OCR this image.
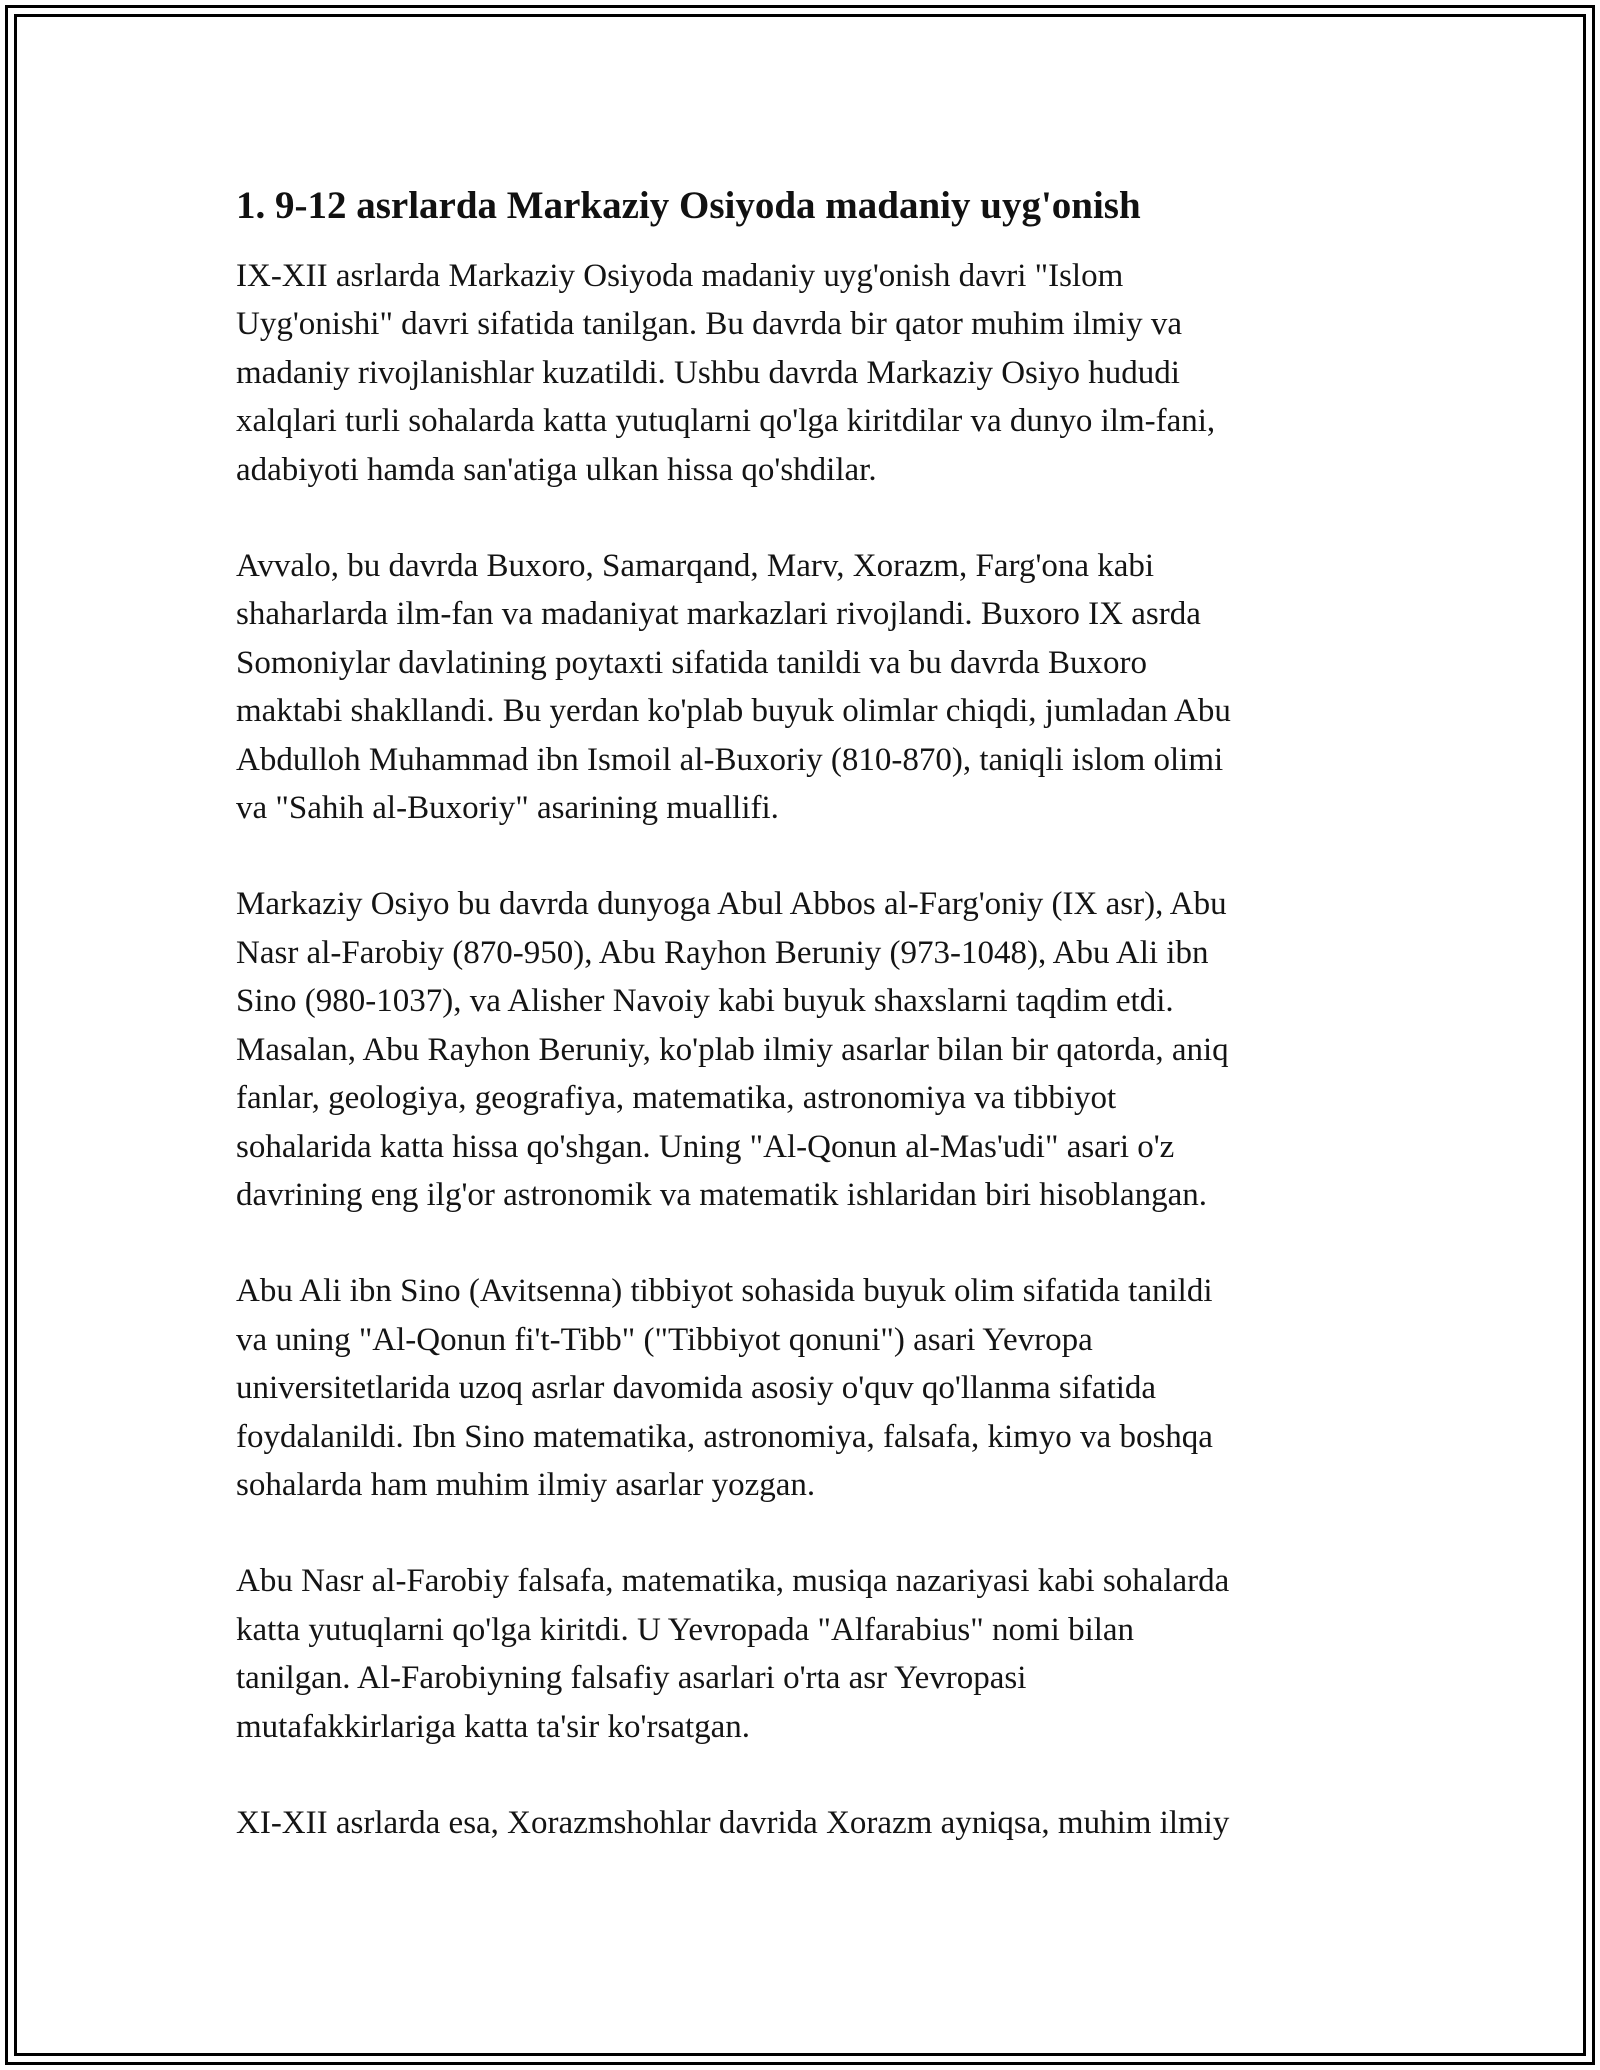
1. 9-12 asrlarda Markaziy Osiyoda madaniy uyg'onish

IX-XII asrlarda Markaziy Osiyoda madaniy uyg'onish davri "Islom
Uyg'onishi" davri sifatida tanilgan. Bu davrda bir qator muhim ilmiy va
madaniy rivojlanishlar kuzatildi. Ushbu davrda Markaziy Osiyo hududi
xalqlari turli sohalarda katta yutuqlarni qo'lga kiritdilar va dunyo ilm-fani,
adabiyoti hamda san'atiga ulkan hissa qo'shdilar.

Avvalo, bu davrda Buxoro, Samarqand, Marv, Xorazm, Farg'ona kabi
shaharlarda ilm-fan va madaniyat markazlari rivojlandi. Buxoro IX asrda
Somoniylar davlatining poytaxti sifatida tanildi va bu davrda Buxoro
maktabi shakllandi. Bu yerdan ko'plab buyuk olimlar chiqdi, jumladan Abu
Abdulloh Muhammad ibn Ismoil al-Buxoriy (810-870), taniqli islom olimi
va "Sahih al-Buxoriy" asarining muallifi.

Markaziy Osiyo bu davrda dunyoga Abul Abbos al-Farg'oniy (IX asr), Abu
Nasr al-Farobiy (870-950), Abu Rayhon Beruniy (973-1048), Abu Ali ibn
Sino (980-1037), va Alisher Navoiy kabi buyuk shaxslarni taqdim etdi.
Masalan, Abu Rayhon Beruniy, ko'plab ilmiy asarlar bilan bir qatorda, aniq
fanlar, geologiya, geografiya, matematika, astronomiya va tibbiyot
sohalarida katta hissa qo'shgan. Uning "Al-Qonun al-Mas'udi" asari o'z
davrining eng ilg'or astronomik va matematik ishlaridan biri hisoblangan.

Abu Ali ibn Sino (Avitsenna) tibbiyot sohasida buyuk olim sifatida tanildi
va uning "Al-Qonun fi't-Tibb" ("Tibbiyot qonuni") asari Yevropa
universitetlarida uzoq asrlar davomida asosiy o'quv qo'llanma sifatida
foydalanildi. Ibn Sino matematika, astronomiya, falsafa, kimyo va boshqa
sohalarda ham muhim ilmiy asarlar yozgan.

Abu Nasr al-Farobiy falsafa, matematika, musiqa nazariyasi kabi sohalarda
katta yutuqlarni qo'lga kiritdi. U Yevropada "Alfarabius" nomi bilan
tanilgan. Al-Farobiyning falsafiy asarlari o'rta asr Yevropasi
mutafakkirlariga katta ta'sir ko'rsatgan.

XI-XII asrlarda esa, Xorazmshohlar davrida Xorazm ayniqsa, muhim ilmiy
